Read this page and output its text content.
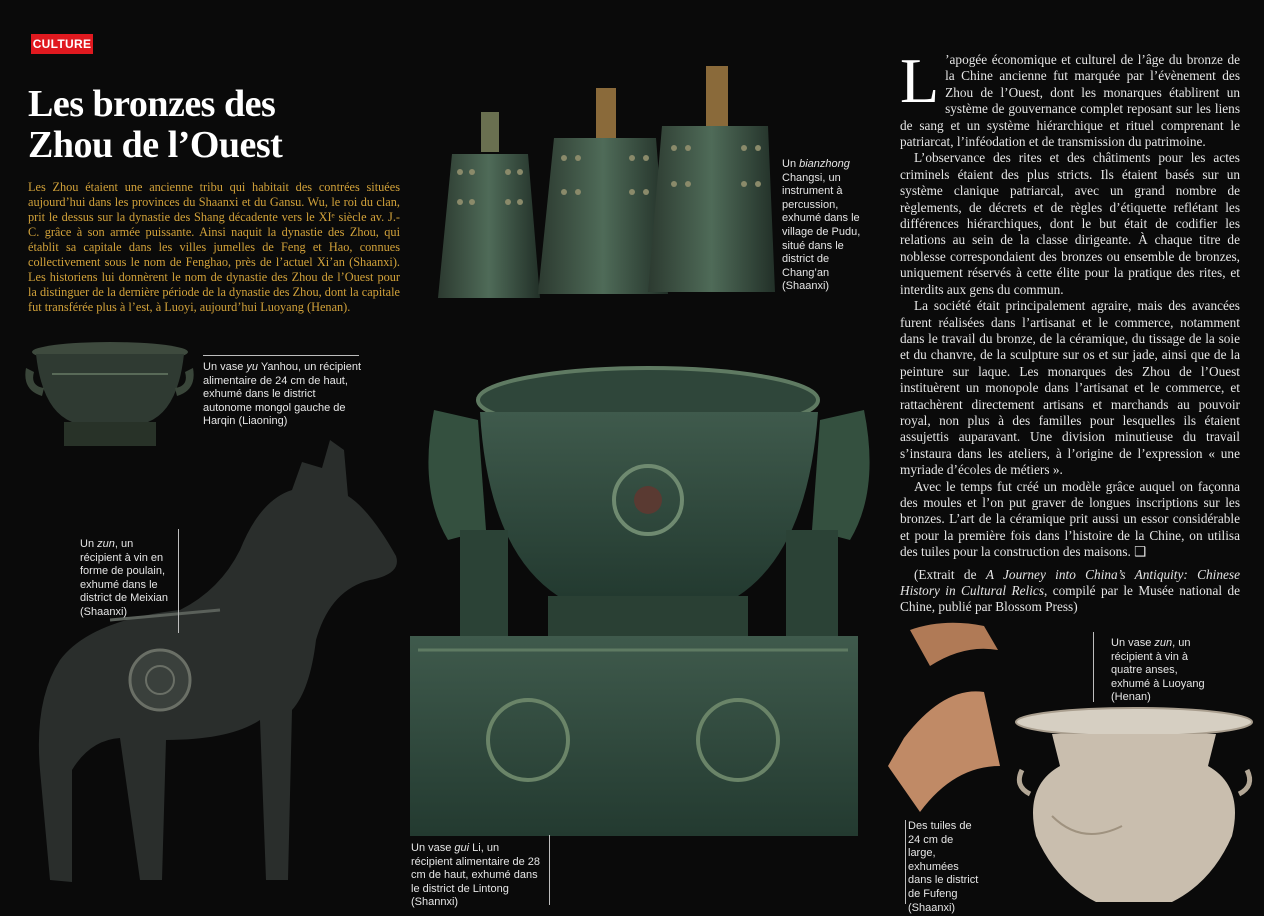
CULTURE
Les bronzes des
Zhou de l’Ouest
Les Zhou étaient une ancienne tribu qui habitait des contrées situées aujourd’hui dans les provinces du Shaanxi et du Gansu. Wu, le roi du clan, prit le dessus sur la dynastie des Shang décadente vers le XIᵉ siècle av. J.-C. grâce à son armée puissante. Ainsi naquit la dynastie des Zhou, qui établit sa capitale dans les villes jumelles de Feng et Hao, connues collectivement sous le nom de Fenghao, près de l’actuel Xi’an (Shaanxi). Les historiens lui donnèrent le nom de dynastie des Zhou de l’Ouest pour la distinguer de la dernière période de la dynastie des Zhou, dont la capitale fut transférée plus à l’est, à Luoyi, aujourd’hui Luoyang (Henan).
Un bianzhong Changsi, un instrument à percussion, exhumé dans le village de Pudu, situé dans le district de Chang’an (Shaanxi)
Un vase yu Yanhou, un récipient alimentaire de 24 cm de haut, exhumé dans le district autonome mongol gauche de Harqin (Liaoning)
Un zun, un récipient à vin en forme de poulain, exhumé dans le district de Meixian (Shaanxi)
Un vase gui Li, un récipient alimentaire de 28 cm de haut, exhumé dans le district de Lintong (Shannxi)

L ’apogée économique et culturel de l’âge du bronze de la Chine ancienne fut marquée par l’évènement des Zhou de l’Ouest, dont les monarques établirent un système de gouvernance complet reposant sur les liens de sang et un système hiérarchique et rituel comprenant le patriarcat, l’inféodation et de transmission du patrimoine.

L’observance des rites et des châtiments pour les actes criminels étaient des plus stricts. Ils étaient basés sur un système clanique patriarcal, avec un grand nombre de règlements, de décrets et de règles d’étiquette reflétant les différences hiérarchiques, dont le but était de codifier les relations au sein de la classe dirigeante. À chaque titre de noblesse correspondaient des bronzes ou ensemble de bronzes, uniquement réservés à cette élite pour la pratique des rites, et interdits aux gens du commun.

La société était principalement agraire, mais des avancées furent réalisées dans l’artisanat et le commerce, notamment dans le travail du bronze, de la céramique, du tissage de la soie et du chanvre, de la sculpture sur os et sur jade, ainsi que de la peinture sur laque. Les monarques des Zhou de l’Ouest instituèrent un monopole dans l’artisanat et le commerce, et rattachèrent directement artisans et marchands au pouvoir royal, non plus à des familles pour lesquelles ils étaient assujettis auparavant. Une division minutieuse du travail s’instaura dans les ateliers, à l’origine de l’expression « une myriade d’écoles de métiers ».

Avec le temps fut créé un modèle grâce auquel on façonna des moules et l’on put graver de longues inscriptions sur les bronzes. L’art de la céramique prit aussi un essor considérable et pour la première fois dans l’histoire de la Chine, on utilisa des tuiles pour la construction des maisons. ❑

(Extrait de A Journey into China’s Antiquity: Chinese History in Cultural Relics, compilé par le Musée national de Chine, publié par Blossom Press)

Des tuiles de 24 cm de large, exhumées dans le district de Fufeng (Shaanxi)
Un vase zun, un récipient à vin à quatre anses, exhumé à Luoyang (Henan)
